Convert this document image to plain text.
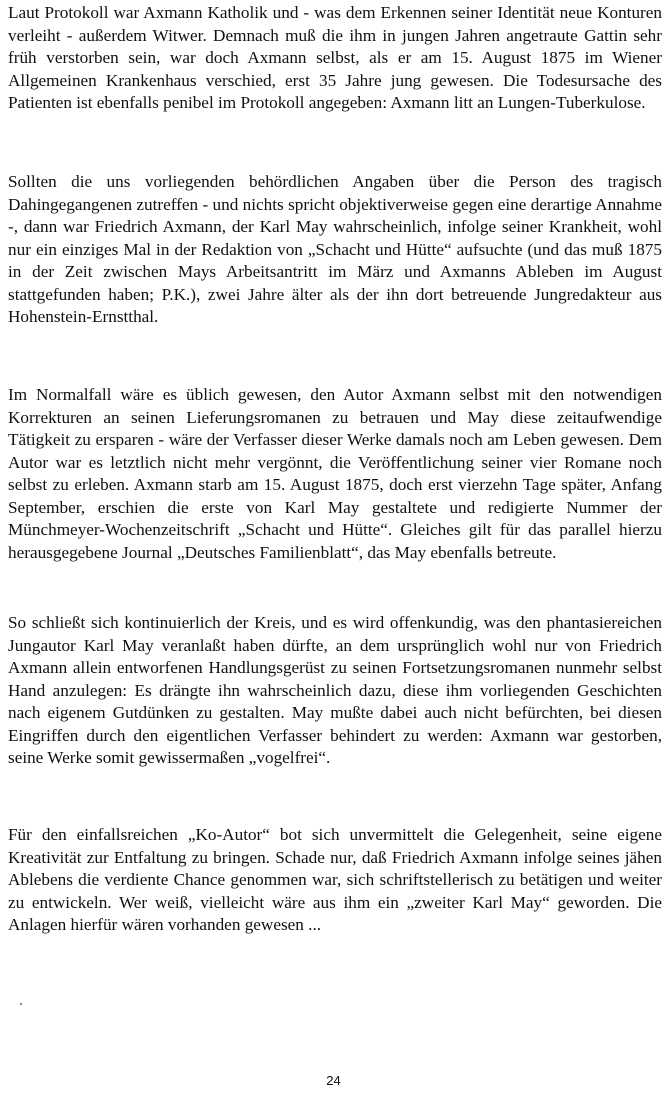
Laut Protokoll war Axmann Katholik und - was dem Erkennen seiner Identität neue Konturen verleiht - außerdem Witwer. Demnach muß die ihm in jungen Jahren angetraute Gattin sehr früh verstorben sein, war doch Axmann selbst, als er am 15. August 1875 im Wiener Allgemeinen Krankenhaus verschied, erst 35 Jahre jung gewesen. Die Todesursache des Patienten ist ebenfalls penibel im Protokoll angegeben: Axmann litt an Lungen-Tuberkulose.

Sollten die uns vorliegenden behördlichen Angaben über die Person des tragisch Dahingegangenen zutreffen - und nichts spricht objektiverweise gegen eine derartige Annahme -, dann war Friedrich Axmann, der Karl May wahrscheinlich, infolge seiner Krankheit, wohl nur ein einziges Mal in der Redaktion von „Schacht und Hütte“ aufsuchte (und das muß 1875 in der Zeit zwischen Mays Arbeitsantritt im März und Axmanns Ableben im August stattgefunden haben; P.K.), zwei Jahre älter als der ihn dort betreuende Jungredakteur aus Hohenstein-Ernstthal.

Im Normalfall wäre es üblich gewesen, den Autor Axmann selbst mit den notwendigen Korrekturen an seinen Lieferungsromanen zu betrauen und May diese zeitaufwendige Tätigkeit zu ersparen - wäre der Verfasser dieser Werke damals noch am Leben gewesen. Dem Autor war es letztlich nicht mehr vergönnt, die Veröffentlichung seiner vier Romane noch selbst zu erleben. Axmann starb am 15. August 1875, doch erst vierzehn Tage später, Anfang September, erschien die erste von Karl May gestaltete und redigierte Nummer der Münchmeyer-Wochenzeitschrift „Schacht und Hütte“. Gleiches gilt für das parallel hierzu herausgegebene Journal „Deutsches Familienblatt“, das May ebenfalls betreute.

So schließt sich kontinuierlich der Kreis, und es wird offenkundig, was den phantasiereichen Jungautor Karl May veranlaßt haben dürfte, an dem ursprünglich wohl nur von Friedrich Axmann allein entworfenen Handlungsgerüst zu seinen Fortsetzungsromanen nunmehr selbst Hand anzulegen: Es drängte ihn wahrscheinlich dazu, diese ihm vorliegenden Geschichten nach eigenem Gutdünken zu gestalten. May mußte dabei auch nicht befürchten, bei diesen Eingriffen durch den eigentlichen Verfasser behindert zu werden: Axmann war gestorben, seine Werke somit gewissermaßen „vogelfrei“.

Für den einfallsreichen „Ko-Autor“ bot sich unvermittelt die Gelegenheit, seine eigene Kreativität zur Entfaltung zu bringen. Schade nur, daß Friedrich Axmann infolge seines jähen Ablebens die verdiente Chance genommen war, sich schriftstellerisch zu betätigen und weiter zu entwickeln. Wer weiß, vielleicht wäre aus ihm ein „zweiter Karl May“ geworden. Die Anlagen hierfür wären vorhanden gewesen ...

24
